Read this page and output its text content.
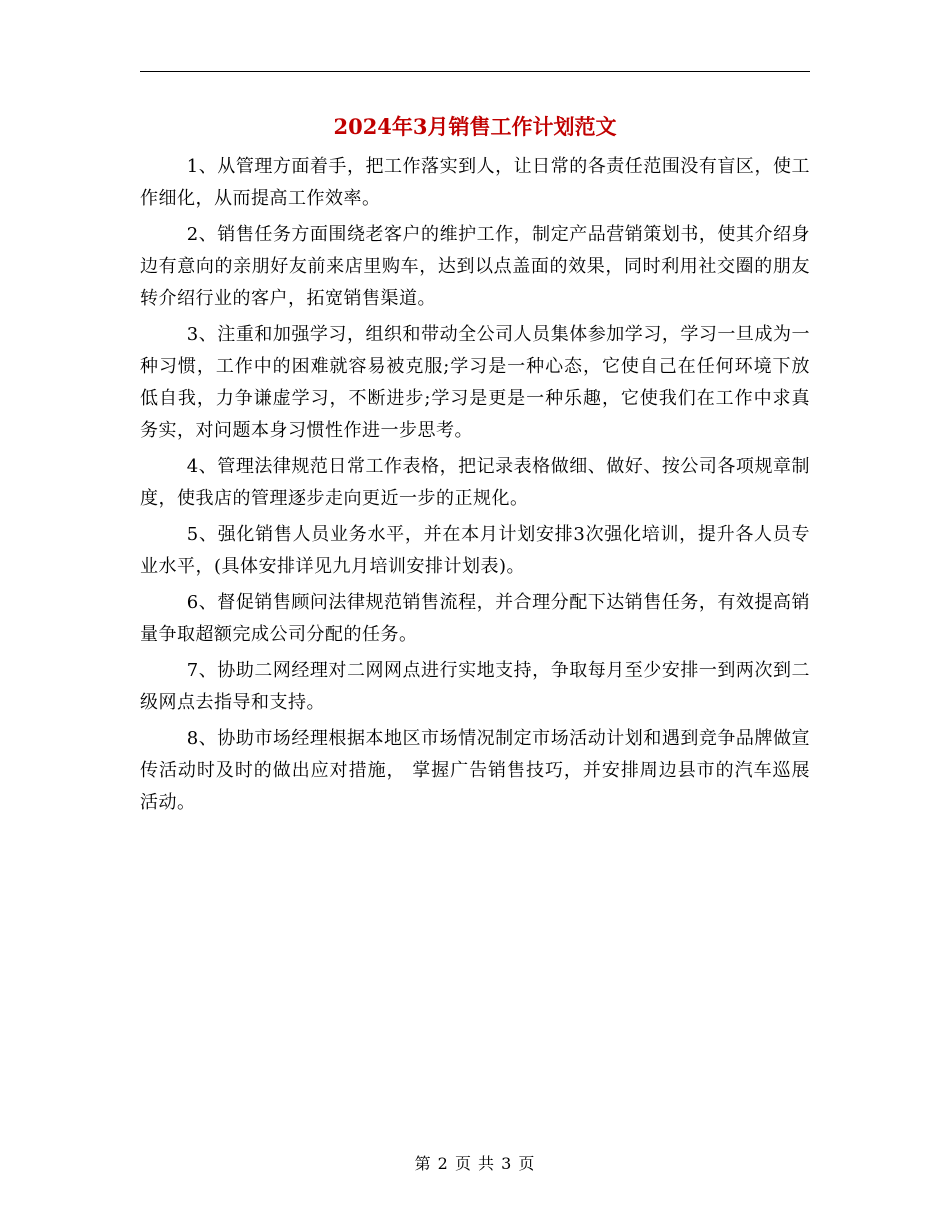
2024年3月销售工作计划范文

1、从管理方面着手，把工作落实到人，让日常的各责任范围没有盲区，使工作细化，从而提高工作效率。

2、销售任务方面围绕老客户的维护工作，制定产品营销策划书，使其介绍身边有意向的亲朋好友前来店里购车，达到以点盖面的效果，同时利用社交圈的朋友转介绍行业的客户，拓宽销售渠道。

3、注重和加强学习，组织和带动全公司人员集体参加学习，学习一旦成为一种习惯，工作中的困难就容易被克服;学习是一种心态，它使自己在任何环境下放低自我，力争谦虚学习，不断进步;学习是更是一种乐趣，它使我们在工作中求真务实，对问题本身习惯性作进一步思考。

4、管理法律规范日常工作表格，把记录表格做细、做好、按公司各项规章制度，使我店的管理逐步走向更近一步的正规化。

5、强化销售人员业务水平，并在本月计划安排3次强化培训，提升各人员专业水平，(具体安排详见九月培训安排计划表)。

6、督促销售顾问法律规范销售流程，并合理分配下达销售任务，有效提高销量争取超额完成公司分配的任务。

7、协助二网经理对二网网点进行实地支持，争取每月至少安排一到两次到二级网点去指导和支持。

8、协助市场经理根据本地区市场情况制定市场活动计划和遇到竞争品牌做宣传活动时及时的做出应对措施， 掌握广告销售技巧，并安排周边县市的汽车巡展活动。

第 2 页 共 3 页
